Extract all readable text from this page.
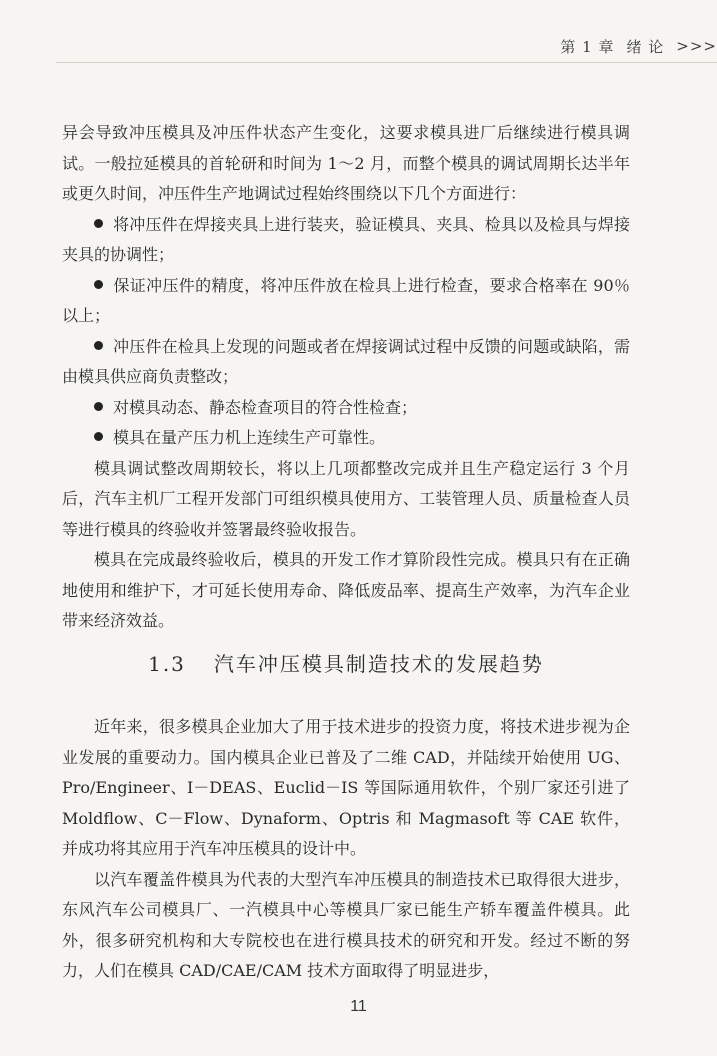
第 1 章 绪 论 >>>

异会导致冲压模具及冲压件状态产生变化，这要求模具进厂后继续进行模具调试。一般拉延模具的首轮研和时间为 1～2 月，而整个模具的调试周期长达半年或更久时间，冲压件生产地调试过程始终围绕以下几个方面进行：

将冲压件在焊接夹具上进行装夹，验证模具、夹具、检具以及检具与焊接夹具的协调性；

保证冲压件的精度，将冲压件放在检具上进行检查，要求合格率在 90％以上；

冲压件在检具上发现的问题或者在焊接调试过程中反馈的问题或缺陷，需由模具供应商负责整改；

对模具动态、静态检查项目的符合性检查；

模具在量产压力机上连续生产可靠性。

模具调试整改周期较长，将以上几项都整改完成并且生产稳定运行 3 个月后，汽车主机厂工程开发部门可组织模具使用方、工装管理人员、质量检查人员等进行模具的终验收并签署最终验收报告。

模具在完成最终验收后，模具的开发工作才算阶段性完成。模具只有在正确地使用和维护下，才可延长使用寿命、降低废品率、提高生产效率，为汽车企业带来经济效益。

1.3 汽车冲压模具制造技术的发展趋势

近年来，很多模具企业加大了用于技术进步的投资力度，将技术进步视为企业发展的重要动力。国内模具企业已普及了二维 CAD，并陆续开始使用 UG、Pro/Engineer、I－DEAS、Euclid－IS 等国际通用软件，个别厂家还引进了 Moldflow、C－Flow、Dynaform、Optris 和 Magmasoft 等 CAE 软件，并成功将其应用于汽车冲压模具的设计中。

以汽车覆盖件模具为代表的大型汽车冲压模具的制造技术已取得很大进步，东风汽车公司模具厂、一汽模具中心等模具厂家已能生产轿车覆盖件模具。此外，很多研究机构和大专院校也在进行模具技术的研究和开发。经过不断的努力，人们在模具 CAD/CAE/CAM 技术方面取得了明显进步，

11
